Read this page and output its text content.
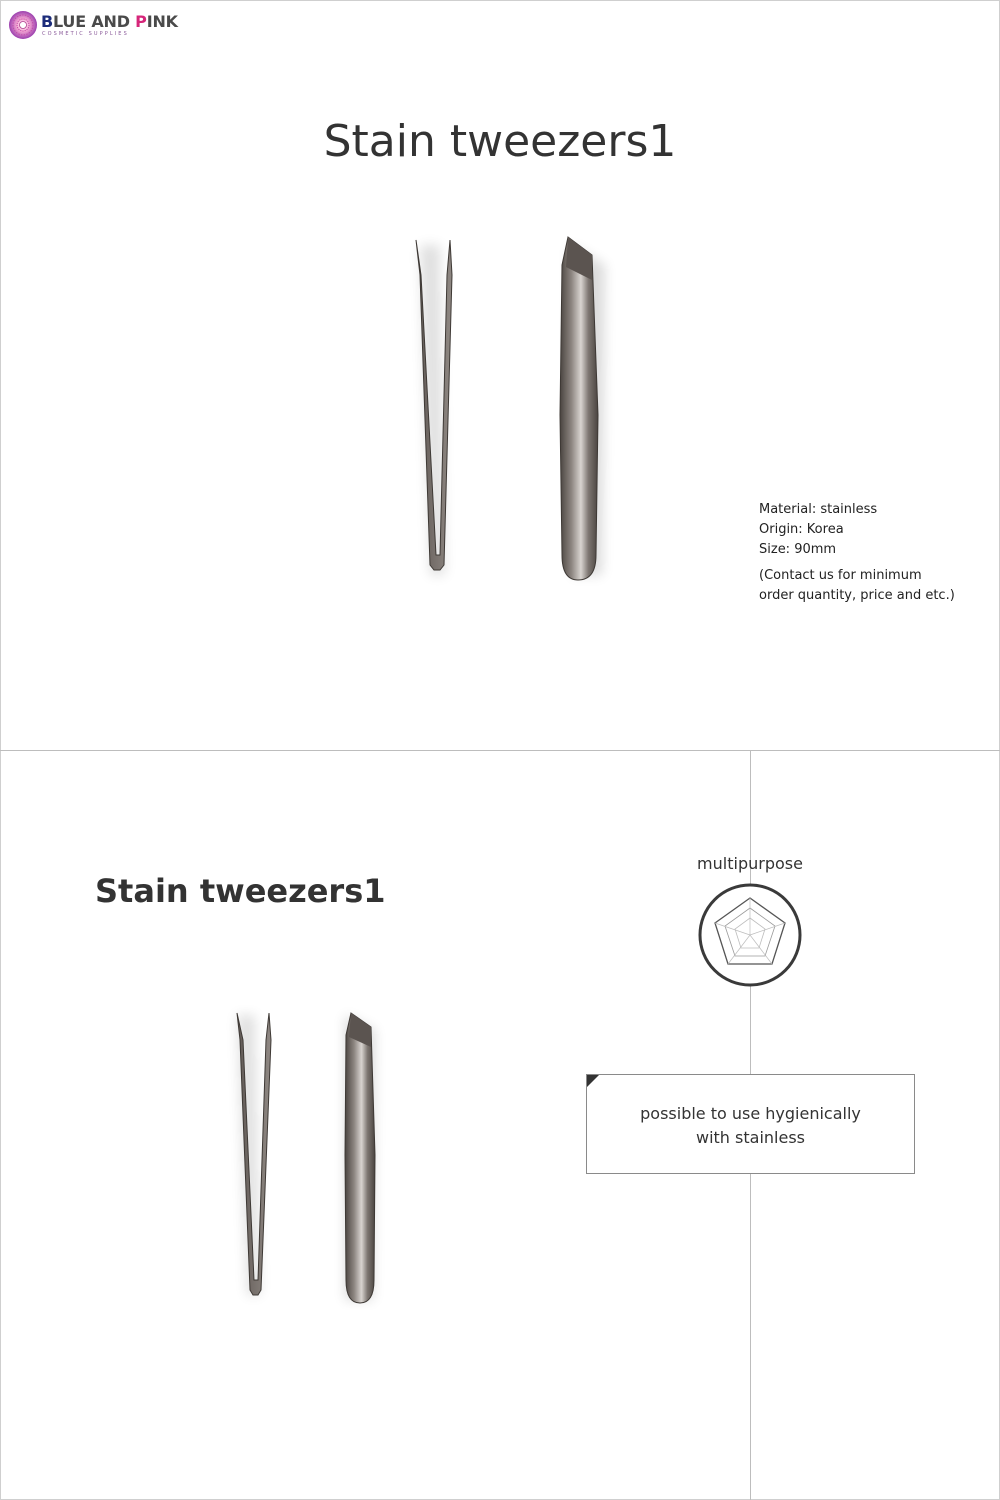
BLUE AND PINK
COSMETIC SUPPLIES
Stain tweezers1
Material: stainless
Origin: Korea
Size: 90mm
(Contact us for minimum
order quantity, price and etc.)
Stain tweezers1
multipurpose
possible to use hygienically
with stainless
